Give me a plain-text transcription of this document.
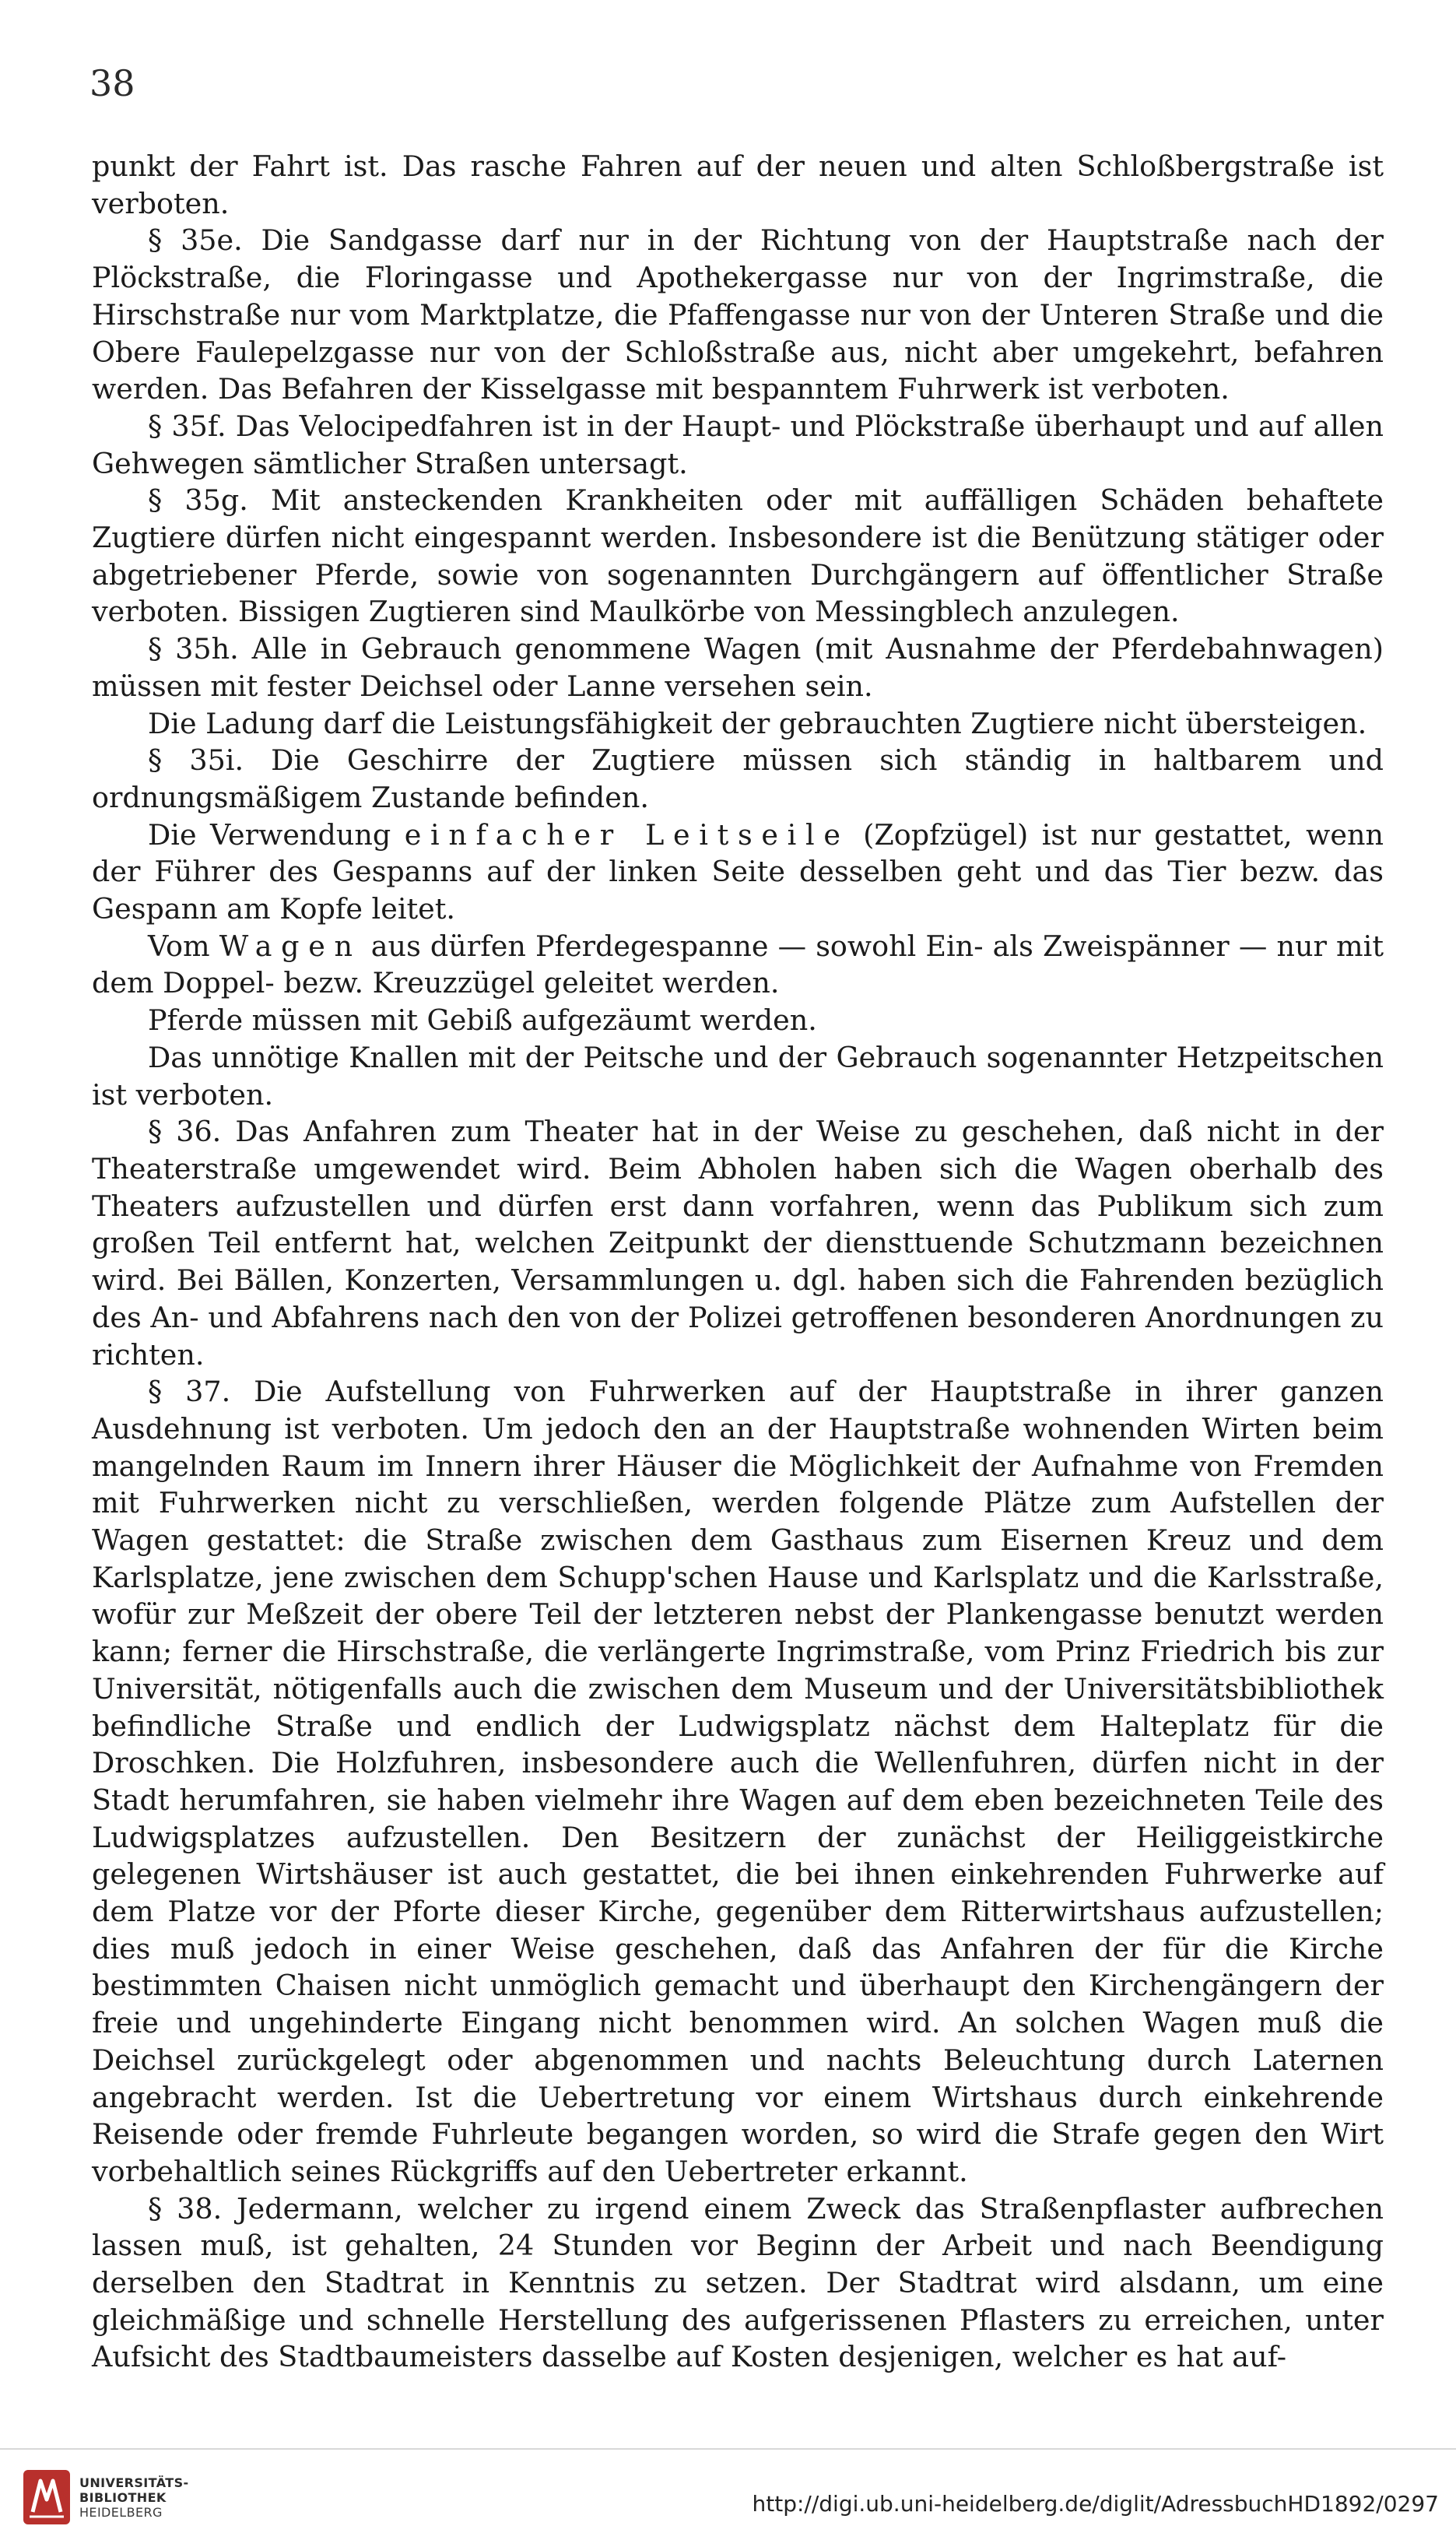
38

punkt der Fahrt ist. Das rasche Fahren auf der neuen und alten Schloßbergstraße ist verboten.

§ 35e. Die Sandgasse darf nur in der Richtung von der Hauptstraße nach der Plöckstraße, die Floringasse und Apothekergasse nur von der Ingrimstraße, die Hirschstraße nur vom Marktplatze, die Pfaffengasse nur von der Unteren Straße und die Obere Faulepelzgasse nur von der Schloßstraße aus, nicht aber umgekehrt, befahren werden. Das Befahren der Kisselgasse mit bespanntem Fuhrwerk ist verboten.

§ 35f. Das Velocipedfahren ist in der Haupt- und Plöckstraße überhaupt und auf allen Gehwegen sämtlicher Straßen untersagt.

§ 35g. Mit ansteckenden Krankheiten oder mit auffälligen Schäden behaftete Zugtiere dürfen nicht eingespannt werden. Insbesondere ist die Benützung stätiger oder abgetriebener Pferde, sowie von sogenannten Durchgängern auf öffentlicher Straße verboten. Bissigen Zugtieren sind Maulkörbe von Messingblech anzulegen.

§ 35h. Alle in Gebrauch genommene Wagen (mit Ausnahme der Pferdebahnwagen) müssen mit fester Deichsel oder Lanne versehen sein.

Die Ladung darf die Leistungsfähigkeit der gebrauchten Zugtiere nicht übersteigen.

§ 35i. Die Geschirre der Zugtiere müssen sich ständig in haltbarem und ordnungsmäßigem Zustande befinden.

Die Verwendung einfacher Leitseile (Zopfzügel) ist nur gestattet, wenn der Führer des Gespanns auf der linken Seite desselben geht und das Tier bezw. das Gespann am Kopfe leitet.

Vom Wagen aus dürfen Pferdegespanne — sowohl Ein- als Zweispänner — nur mit dem Doppel- bezw. Kreuzzügel geleitet werden.

Pferde müssen mit Gebiß aufgezäumt werden.

Das unnötige Knallen mit der Peitsche und der Gebrauch sogenannter Hetzpeitschen ist verboten.

§ 36. Das Anfahren zum Theater hat in der Weise zu geschehen, daß nicht in der Theaterstraße umgewendet wird. Beim Abholen haben sich die Wagen oberhalb des Theaters aufzustellen und dürfen erst dann vorfahren, wenn das Publikum sich zum großen Teil entfernt hat, welchen Zeitpunkt der diensttuende Schutzmann bezeichnen wird. Bei Bällen, Konzerten, Versammlungen u. dgl. haben sich die Fahrenden bezüglich des An- und Abfahrens nach den von der Polizei getroffenen besonderen Anordnungen zu richten.

§ 37. Die Aufstellung von Fuhrwerken auf der Hauptstraße in ihrer ganzen Ausdehnung ist verboten. Um jedoch den an der Hauptstraße wohnenden Wirten beim mangelnden Raum im Innern ihrer Häuser die Möglichkeit der Aufnahme von Fremden mit Fuhrwerken nicht zu verschließen, werden folgende Plätze zum Aufstellen der Wagen gestattet: die Straße zwischen dem Gasthaus zum Eisernen Kreuz und dem Karlsplatze, jene zwischen dem Schupp'schen Hause und Karlsplatz und die Karlsstraße, wofür zur Meßzeit der obere Teil der letzteren nebst der Plankengasse benutzt werden kann; ferner die Hirschstraße, die verlängerte Ingrimstraße, vom Prinz Friedrich bis zur Universität, nötigenfalls auch die zwischen dem Museum und der Universitätsbibliothek befindliche Straße und endlich der Ludwigsplatz nächst dem Halteplatz für die Droschken. Die Holzfuhren, insbesondere auch die Wellenfuhren, dürfen nicht in der Stadt herumfahren, sie haben vielmehr ihre Wagen auf dem eben bezeichneten Teile des Ludwigsplatzes aufzustellen. Den Besitzern der zunächst der Heiliggeistkirche gelegenen Wirtshäuser ist auch gestattet, die bei ihnen einkehrenden Fuhrwerke auf dem Platze vor der Pforte dieser Kirche, gegenüber dem Ritterwirtshaus aufzustellen; dies muß jedoch in einer Weise geschehen, daß das Anfahren der für die Kirche bestimmten Chaisen nicht unmöglich gemacht und überhaupt den Kirchengängern der freie und ungehinderte Eingang nicht benommen wird. An solchen Wagen muß die Deichsel zurückgelegt oder abgenommen und nachts Beleuchtung durch Laternen angebracht werden. Ist die Uebertretung vor einem Wirtshaus durch einkehrende Reisende oder fremde Fuhrleute begangen worden, so wird die Strafe gegen den Wirt vorbehaltlich seines Rückgriffs auf den Uebertreter erkannt.

§ 38. Jedermann, welcher zu irgend einem Zweck das Straßenpflaster aufbrechen lassen muß, ist gehalten, 24 Stunden vor Beginn der Arbeit und nach Beendigung derselben den Stadtrat in Kenntnis zu setzen. Der Stadtrat wird alsdann, um eine gleichmäßige und schnelle Herstellung des aufgerissenen Pflasters zu erreichen, unter Aufsicht des Stadtbaumeisters dasselbe auf Kosten desjenigen, welcher es hat auf-

UNIVERSITÄTS-
BIBLIOTHEK
HEIDELBERG	http://digi.ub.uni-heidelberg.de/diglit/AdressbuchHD1892/0297
